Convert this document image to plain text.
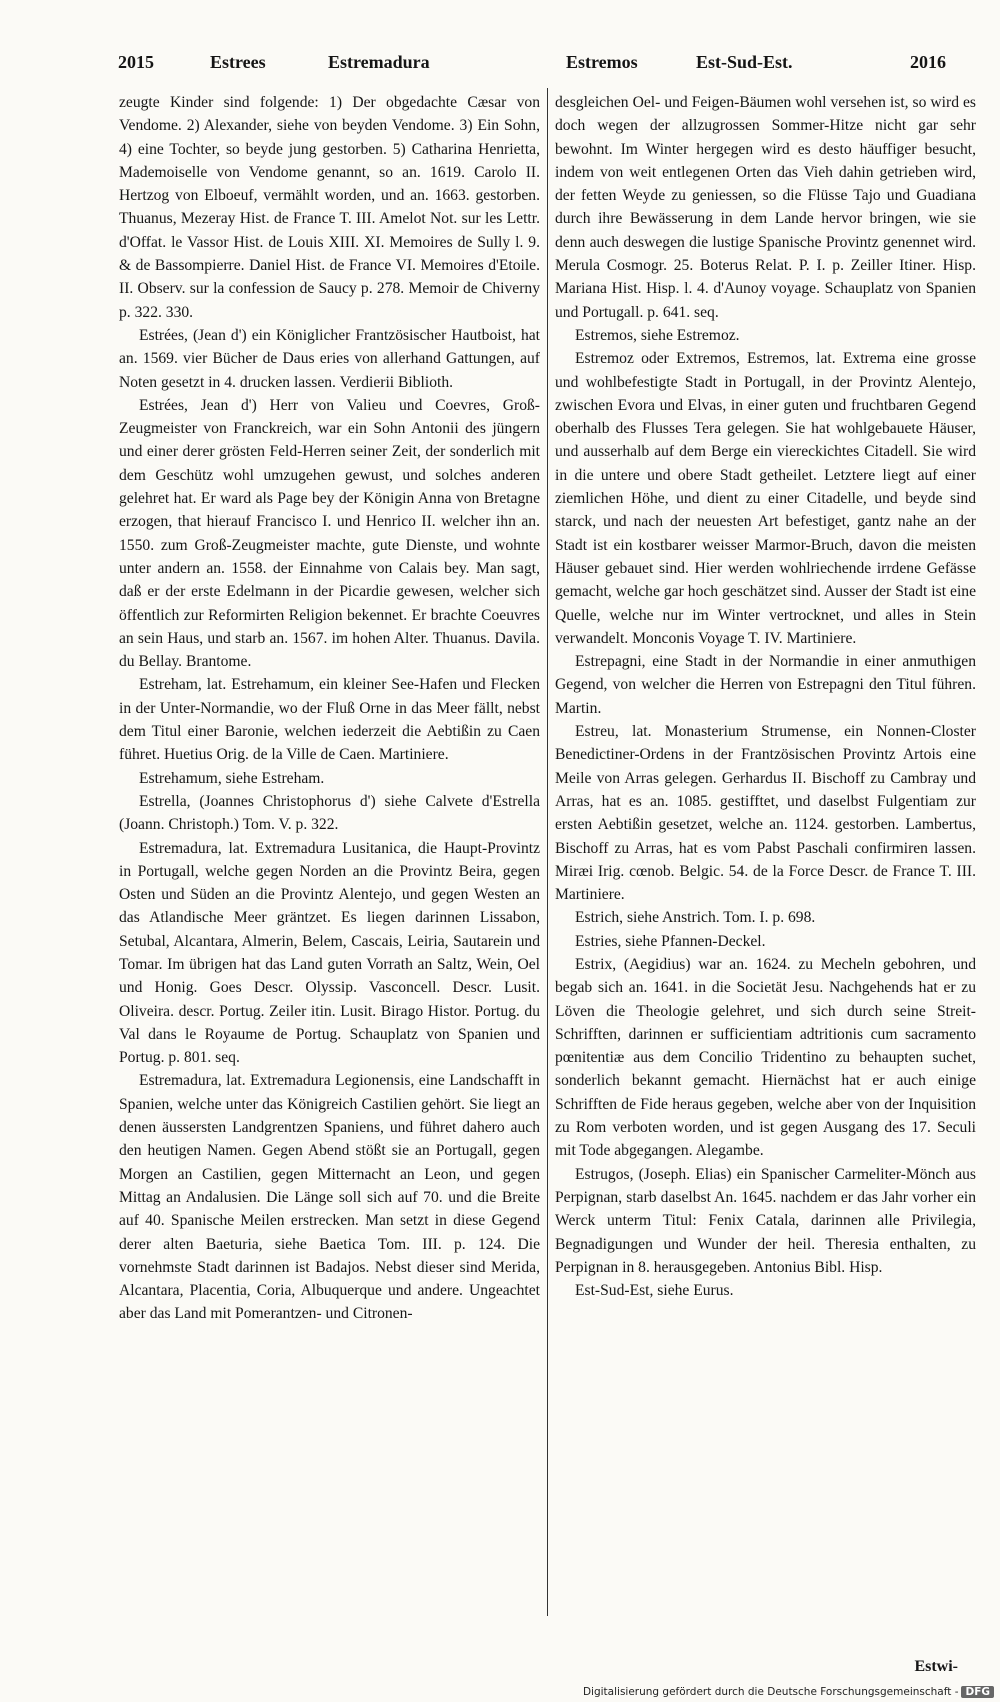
2015	Estrees	Estremadura	Estremos	Est-Sud-Est.	2016

zeugte Kinder sind folgende: 1) Der obgedachte Cæsar von Vendome. 2) Alexander, siehe von beyden Vendome. 3) Ein Sohn, 4) eine Tochter, so beyde jung gestorben. 5) Catharina Henrietta, Mademoiselle von Vendome genannt, so an. 1619. Carolo II. Hertzog von Elboeuf, vermählt worden, und an. 1663. gestorben. Thuanus, Mezeray Hist. de France T. III. Amelot Not. sur les Lettr. d'Offat. le Vassor Hist. de Louis XIII. XI. Memoires de Sully l. 9. & de Bassompierre. Daniel Hist. de France VI. Memoires d'Etoile. II. Observ. sur la confession de Saucy p. 278. Memoir de Chiverny p. 322. 330.

Estrées, (Jean d') ein Königlicher Frantzösischer Hautboist, hat an. 1569. vier Bücher de Daus eries von allerhand Gattungen, auf Noten gesetzt in 4. drucken lassen. Verdierii Biblioth.

Estrées, Jean d') Herr von Valieu und Coevres, Groß-Zeugmeister von Franckreich, war ein Sohn Antonii des jüngern und einer derer grösten Feld-Herren seiner Zeit, der sonderlich mit dem Geschütz wohl umzugehen gewust, und solches anderen gelehret hat. Er ward als Page bey der Königin Anna von Bretagne erzogen, that hierauf Francisco I. und Henrico II. welcher ihn an. 1550. zum Groß-Zeugmeister machte, gute Dienste, und wohnte unter andern an. 1558. der Einnahme von Calais bey. Man sagt, daß er der erste Edelmann in der Picardie gewesen, welcher sich öffentlich zur Reformirten Religion bekennet. Er brachte Coeuvres an sein Haus, und starb an. 1567. im hohen Alter. Thuanus. Davila. du Bellay. Brantome.

Estreham, lat. Estrehamum, ein kleiner See-Hafen und Flecken in der Unter-Normandie, wo der Fluß Orne in das Meer fällt, nebst dem Titul einer Baronie, welchen iederzeit die Aebtißin zu Caen führet. Huetius Orig. de la Ville de Caen. Martiniere.

Estrehamum, siehe Estreham.

Estrella, (Joannes Christophorus d') siehe Calvete d'Estrella (Joann. Christoph.) Tom. V. p. 322.

Estremadura, lat. Extremadura Lusitanica, die Haupt-Provintz in Portugall, welche gegen Norden an die Provintz Beira, gegen Osten und Süden an die Provintz Alentejo, und gegen Westen an das Atlandische Meer gräntzet. Es liegen darinnen Lissabon, Setubal, Alcantara, Almerin, Belem, Cascais, Leiria, Sautarein und Tomar. Im übrigen hat das Land guten Vorrath an Saltz, Wein, Oel und Honig. Goes Descr. Olyssip. Vasconcell. Descr. Lusit. Oliveira. descr. Portug. Zeiler itin. Lusit. Birago Histor. Portug. du Val dans le Royaume de Portug. Schauplatz von Spanien und Portug. p. 801. seq.

Estremadura, lat. Extremadura Legionensis, eine Landschafft in Spanien, welche unter das Königreich Castilien gehört. Sie liegt an denen äussersten Landgrentzen Spaniens, und führet dahero auch den heutigen Namen. Gegen Abend stößt sie an Portugall, gegen Morgen an Castilien, gegen Mitternacht an Leon, und gegen Mittag an Andalusien. Die Länge soll sich auf 70. und die Breite auf 40. Spanische Meilen erstrecken. Man setzt in diese Gegend derer alten Baeturia, siehe Baetica Tom. III. p. 124. Die vornehmste Stadt darinnen ist Badajos. Nebst dieser sind Merida, Alcantara, Placentia, Coria, Albuquerque und andere. Ungeachtet aber das Land mit Pomerantzen- und Citronen-

desgleichen Oel- und Feigen-Bäumen wohl versehen ist, so wird es doch wegen der allzugrossen Sommer-Hitze nicht gar sehr bewohnt. Im Winter hergegen wird es desto häuffiger besucht, indem von weit entlegenen Orten das Vieh dahin getrieben wird, der fetten Weyde zu geniessen, so die Flüsse Tajo und Guadiana durch ihre Bewässerung in dem Lande hervor bringen, wie sie denn auch deswegen die lustige Spanische Provintz genennet wird. Merula Cosmogr. 25. Boterus Relat. P. I. p. Zeiller Itiner. Hisp. Mariana Hist. Hisp. l. 4. d'Aunoy voyage. Schauplatz von Spanien und Portugall. p. 641. seq.

Estremos, siehe Estremoz.

Estremoz oder Extremos, Estremos, lat. Extrema eine grosse und wohlbefestigte Stadt in Portugall, in der Provintz Alentejo, zwischen Evora und Elvas, in einer guten und fruchtbaren Gegend oberhalb des Flusses Tera gelegen. Sie hat wohlgebauete Häuser, und ausserhalb auf dem Berge ein viereckichtes Citadell. Sie wird in die untere und obere Stadt getheilet. Letztere liegt auf einer ziemlichen Höhe, und dient zu einer Citadelle, und beyde sind starck, und nach der neuesten Art befestiget, gantz nahe an der Stadt ist ein kostbarer weisser Marmor-Bruch, davon die meisten Häuser gebauet sind. Hier werden wohlriechende irrdene Gefässe gemacht, welche gar hoch geschätzet sind. Ausser der Stadt ist eine Quelle, welche nur im Winter vertrocknet, und alles in Stein verwandelt. Monconis Voyage T. IV. Martiniere.

Estrepagni, eine Stadt in der Normandie in einer anmuthigen Gegend, von welcher die Herren von Estrepagni den Titul führen. Martin.

Estreu, lat. Monasterium Strumense, ein Nonnen-Closter Benedictiner-Ordens in der Frantzösischen Provintz Artois eine Meile von Arras gelegen. Gerhardus II. Bischoff zu Cambray und Arras, hat es an. 1085. gestifftet, und daselbst Fulgentiam zur ersten Aebtißin gesetzet, welche an. 1124. gestorben. Lambertus, Bischoff zu Arras, hat es vom Pabst Paschali confirmiren lassen. Miræi Irig. cœnob. Belgic. 54. de la Force Descr. de France T. III. Martiniere.

Estrich, siehe Anstrich. Tom. I. p. 698.

Estries, siehe Pfannen-Deckel.

Estrix, (Aegidius) war an. 1624. zu Mecheln gebohren, und begab sich an. 1641. in die Societät Jesu. Nachgehends hat er zu Löven die Theologie gelehret, und sich durch seine Streit-Schrifften, darinnen er sufficientiam adtritionis cum sacramento pœnitentiæ aus dem Concilio Tridentino zu behaupten suchet, sonderlich bekannt gemacht. Hiernächst hat er auch einige Schrifften de Fide heraus gegeben, welche aber von der Inquisition zu Rom verboten worden, und ist gegen Ausgang des 17. Seculi mit Tode abgegangen. Alegambe.

Estrugos, (Joseph. Elias) ein Spanischer Carmeliter-Mönch aus Perpignan, starb daselbst An. 1645. nachdem er das Jahr vorher ein Werck unterm Titul: Fenix Catala, darinnen alle Privilegia, Begnadigungen und Wunder der heil. Theresia enthalten, zu Perpignan in 8. herausgegeben. Antonius Bibl. Hisp.

Est-Sud-Est, siehe Eurus.

Estwi-
Digitalisierung gefördert durch die Deutsche Forschungsgemeinschaft - DFG
